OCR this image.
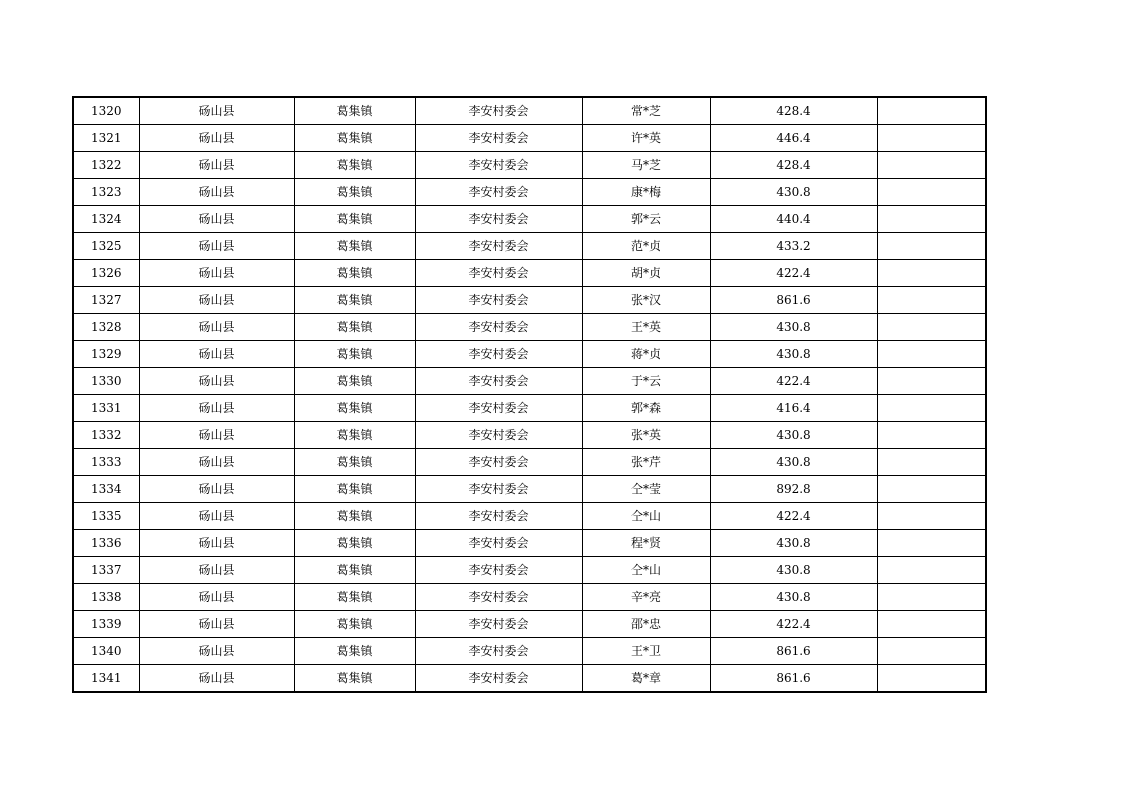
1320	砀山县	葛集镇	李安村委会	常*芝	428.4	
1321	砀山县	葛集镇	李安村委会	许*英	446.4	
1322	砀山县	葛集镇	李安村委会	马*芝	428.4	
1323	砀山县	葛集镇	李安村委会	康*梅	430.8	
1324	砀山县	葛集镇	李安村委会	郭*云	440.4	
1325	砀山县	葛集镇	李安村委会	范*贞	433.2	
1326	砀山县	葛集镇	李安村委会	胡*贞	422.4	
1327	砀山县	葛集镇	李安村委会	张*汉	861.6	
1328	砀山县	葛集镇	李安村委会	王*英	430.8	
1329	砀山县	葛集镇	李安村委会	蒋*贞	430.8	
1330	砀山县	葛集镇	李安村委会	于*云	422.4	
1331	砀山县	葛集镇	李安村委会	郭*森	416.4	
1332	砀山县	葛集镇	李安村委会	张*英	430.8	
1333	砀山县	葛集镇	李安村委会	张*芹	430.8	
1334	砀山县	葛集镇	李安村委会	仝*莹	892.8	
1335	砀山县	葛集镇	李安村委会	仝*山	422.4	
1336	砀山县	葛集镇	李安村委会	程*贤	430.8	
1337	砀山县	葛集镇	李安村委会	仝*山	430.8	
1338	砀山县	葛集镇	李安村委会	辛*亮	430.8	
1339	砀山县	葛集镇	李安村委会	邵*忠	422.4	
1340	砀山县	葛集镇	李安村委会	王*卫	861.6	
1341	砀山县	葛集镇	李安村委会	葛*章	861.6	
